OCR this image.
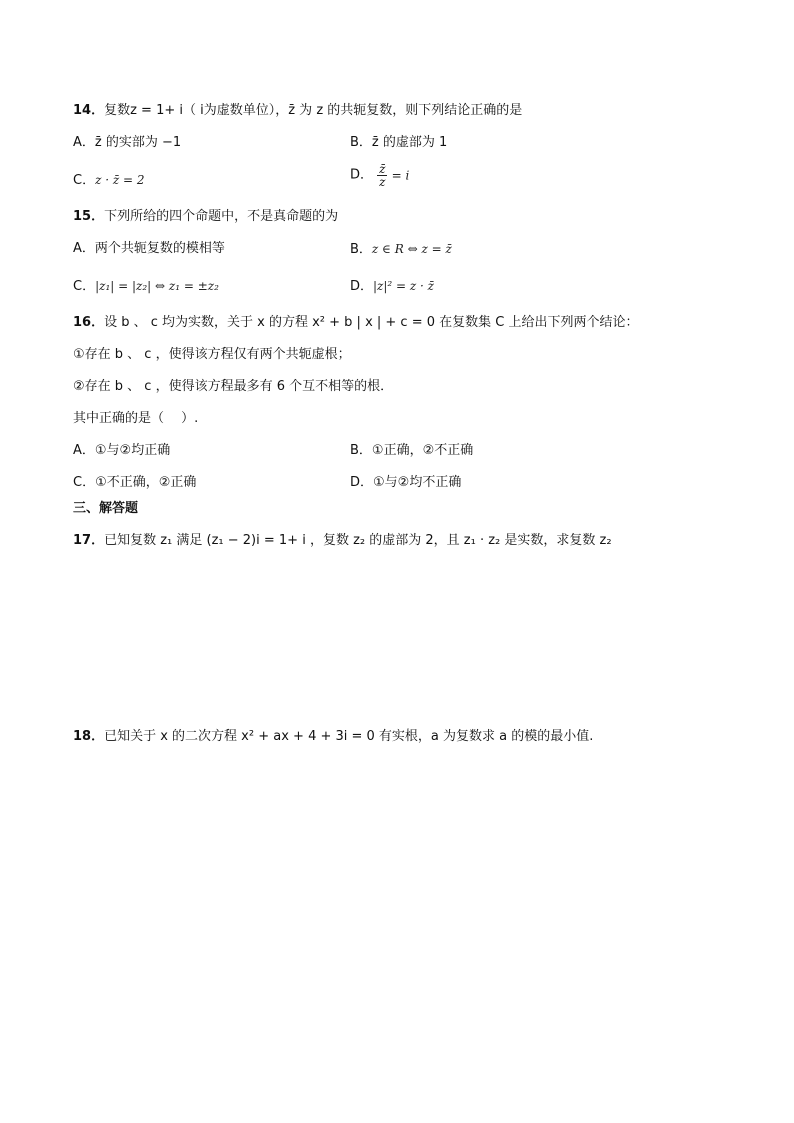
14．复数z = 1+ i（ i为虚数单位），z̄ 为 z 的共轭复数，则下列结论正确的是
A．z̄ 的实部为 −1	B．z̄ 的虚部为 1
C．z · z̄ = 2	D． $\frac{z̄}{z} = i$
15．下列所给的四个命题中，不是真命题的为
A．两个共轭复数的模相等	B．z ∈ R ⇔ z = z̄
C．|z₁| = |z₂| ⇔ z₁ = ±z₂	D．|z|² = z · z̄
16．设 b 、 c 均为实数，关于 x 的方程 x² + b | x | + c = 0 在复数集 C 上给出下列两个结论：
①存在 b 、 c ，使得该方程仅有两个共轭虚根；
②存在 b 、 c ，使得该方程最多有 6 个互不相等的根．
其中正确的是（　 ）.
A．①与②均正确	B．①正确，②不正确
C．①不正确，②正确	D．①与②均不正确
三、解答题
17．已知复数 z₁ 满足 (z₁ − 2)i = 1+ i ，复数 z₂ 的虚部为 2，且 z₁ · z₂ 是实数，求复数 z₂
18．已知关于 x 的二次方程 x² + ax + 4 + 3i = 0 有实根，a 为复数求 a 的模的最小值.
